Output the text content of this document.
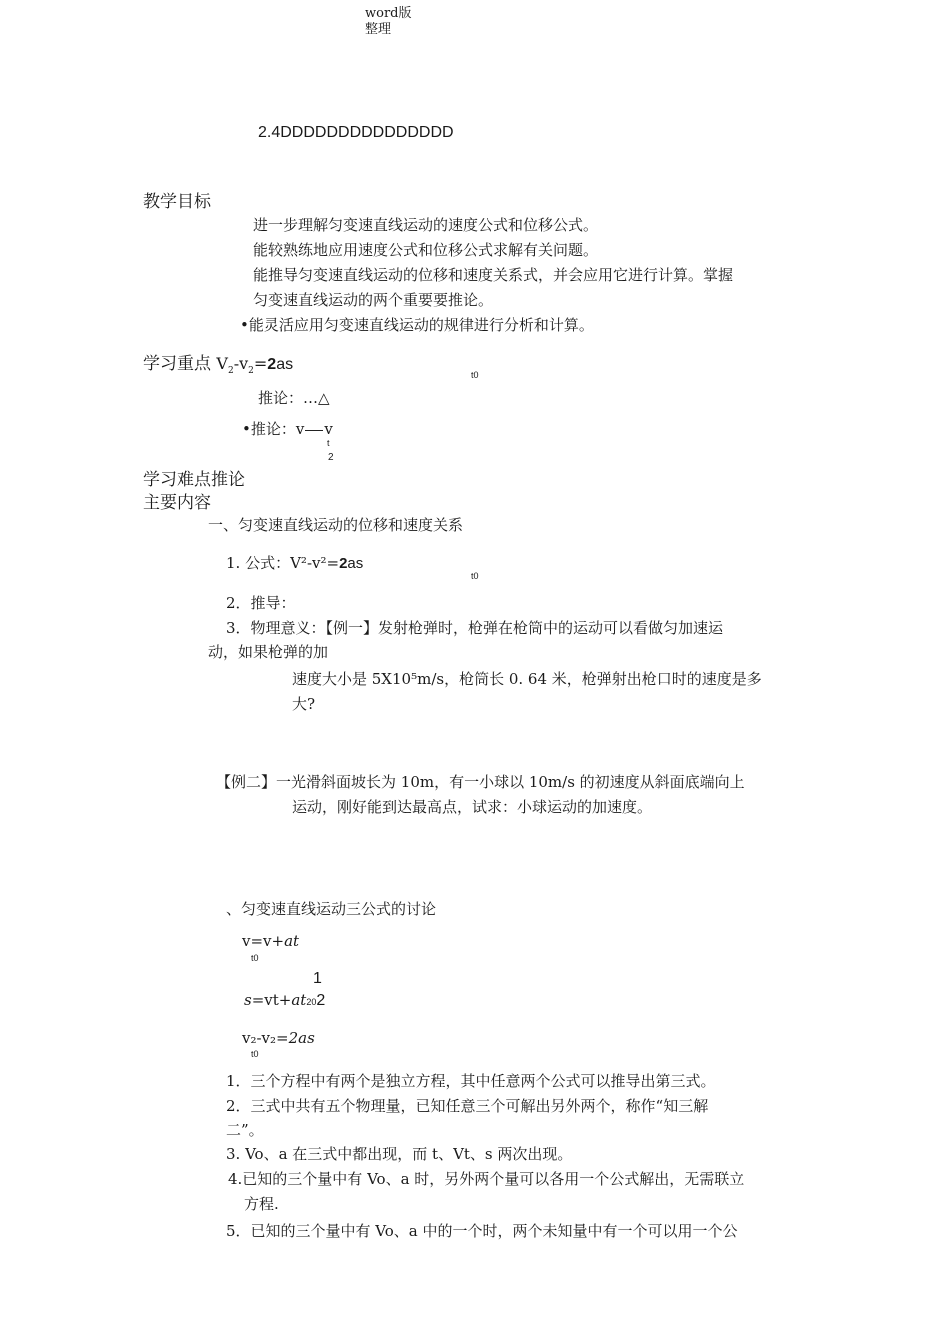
word版
整理
2.4DDDDDDDDDDDDDDD
教学目标
进一步理解匀变速直线运动的速度公式和位移公式。
能较熟练地应用速度公式和位移公式求解有关问题。
能推导匀变速直线运动的位移和速度关系式，并会应用它进行计算。掌握
匀变速直线运动的两个重要要推论。
•能灵活应用匀变速直线运动的规律进行分析和计算。
学习重点 $V_2-v_2=2as$
t0
推论：…△
•推论：v v
t
2
学习难点推论
主要内容
一、匀变速直线运动的位移和速度关系
1. 公式：V²-v²=2as
t0
2．推导：
3．物理意义：【例一】发射枪弹时，枪弹在枪筒中的运动可以看做匀加速运
动，如果枪弹的加
速度大小是 5X10⁵m/s，枪筒长 0. 64 米，枪弹射出枪口时的速度是多
大?
【例二】一光滑斜面坡长为 10m，有一小球以 10m/s 的初速度从斜面底端向上
运动，刚好能到达最高点，试求：小球运动的加速度。
、匀变速直线运动三公式的讨论
v=v+at
t0
1
s=vt+at202
v₂-v₂=2as
t0
1．三个方程中有两个是独立方程，其中任意两个公式可以推导出第三式。
2．三式中共有五个物理量，已知任意三个可解出另外两个，称作“知三解
二”。
3. Vo、a 在三式中都出现，而 t、Vt、s 两次出现。
4.已知的三个量中有 Vo、a 时，另外两个量可以各用一个公式解出，无需联立
方程.
5．已知的三个量中有 Vo、a 中的一个时，两个未知量中有一个可以用一个公
